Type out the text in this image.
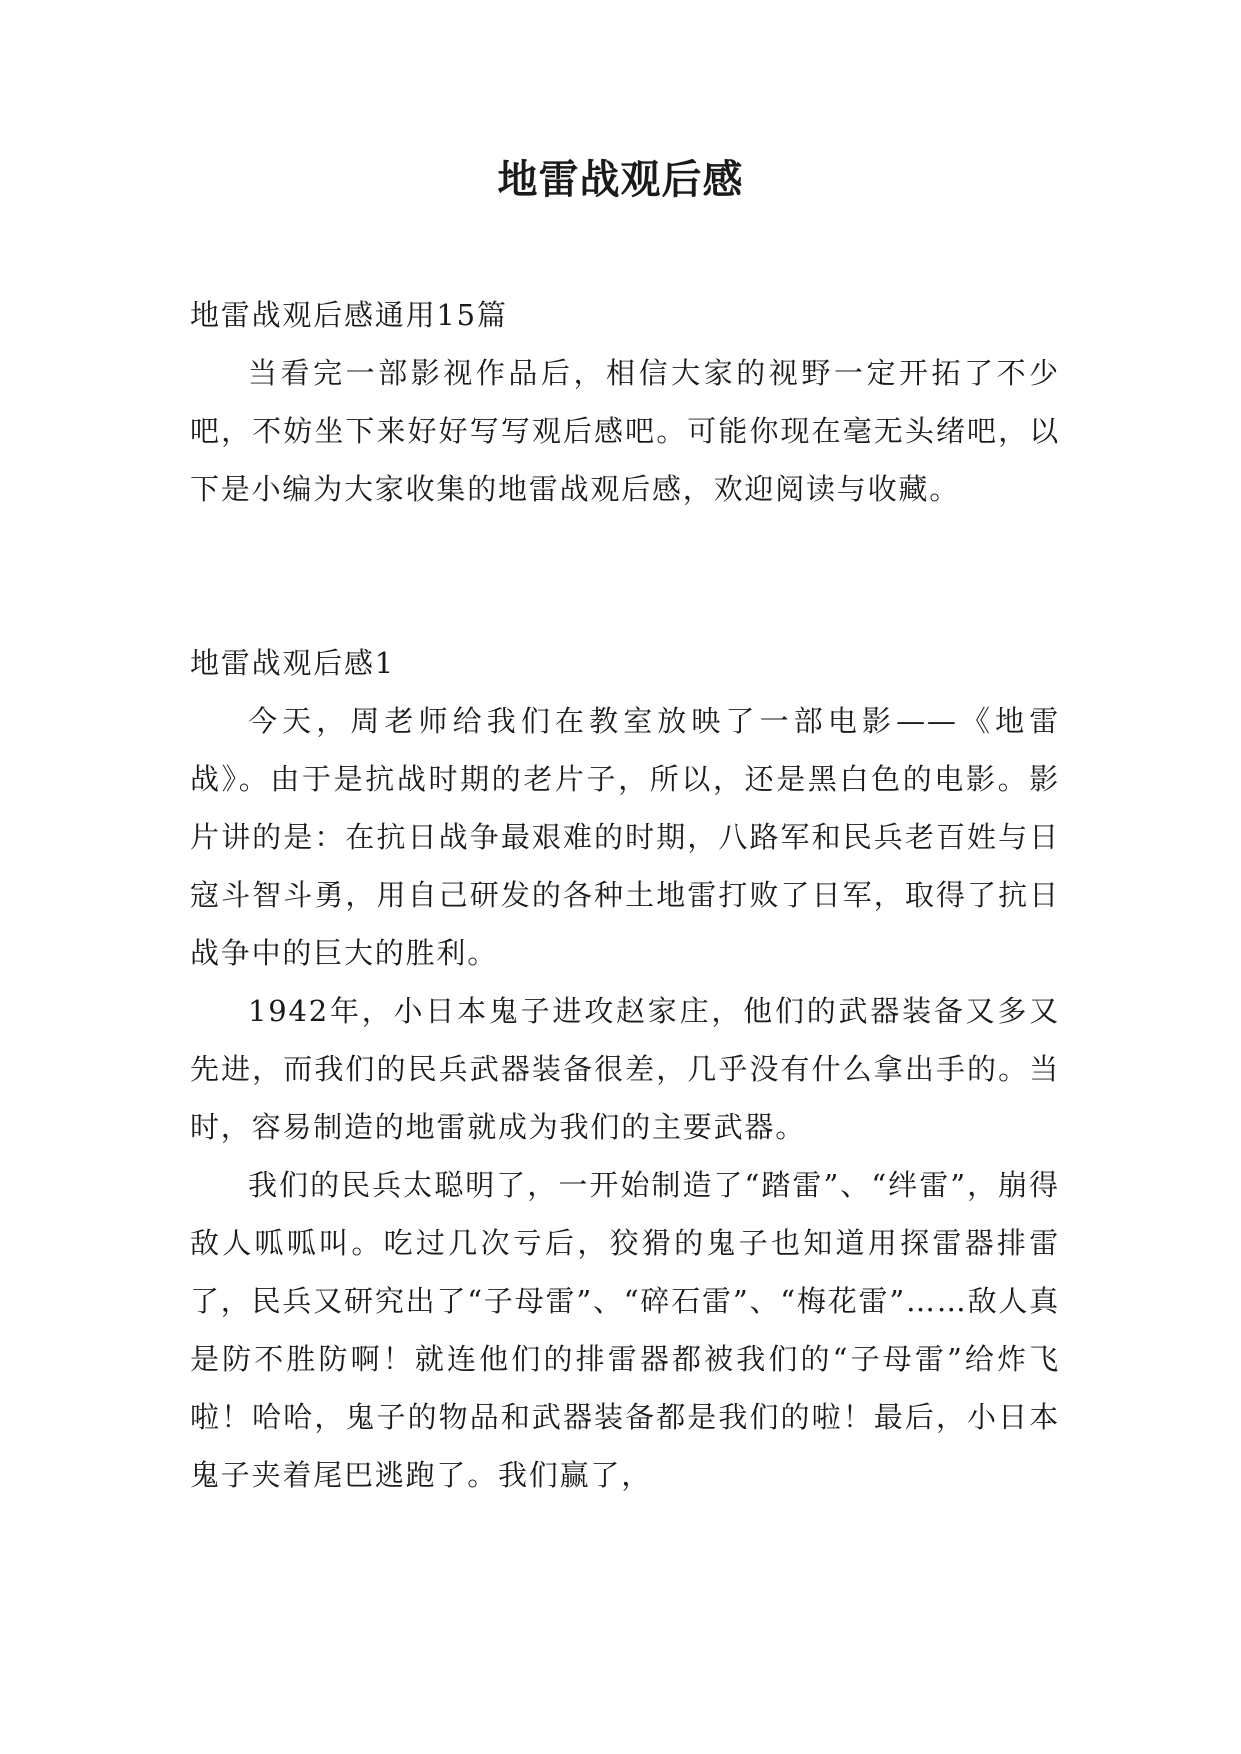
地雷战观后感

地雷战观后感通用15篇

当看完一部影视作品后，相信大家的视野一定开拓了不少吧，不妨坐下来好好写写观后感吧。可能你现在毫无头绪吧，以下是小编为大家收集的地雷战观后感，欢迎阅读与收藏。

地雷战观后感1

今天，周老师给我们在教室放映了一部电影——《地雷战》。由于是抗战时期的老片子，所以，还是黑白色的电影。影片讲的是：在抗日战争最艰难的时期，八路军和民兵老百姓与日寇斗智斗勇，用自己研发的各种土地雷打败了日军，取得了抗日战争中的巨大的胜利。

1942年，小日本鬼子进攻赵家庄，他们的武器装备又多又先进，而我们的民兵武器装备很差，几乎没有什么拿出手的。当时，容易制造的地雷就成为我们的主要武器。

我们的民兵太聪明了，一开始制造了“踏雷”、“绊雷”，崩得敌人呱呱叫。吃过几次亏后，狡猾的鬼子也知道用探雷器排雷了，民兵又研究出了“子母雷”、“碎石雷”、“梅花雷”……敌人真是防不胜防啊！就连他们的排雷器都被我们的“子母雷”给炸飞啦！哈哈，鬼子的物品和武器装备都是我们的啦！最后，小日本鬼子夹着尾巴逃跑了。我们赢了，
